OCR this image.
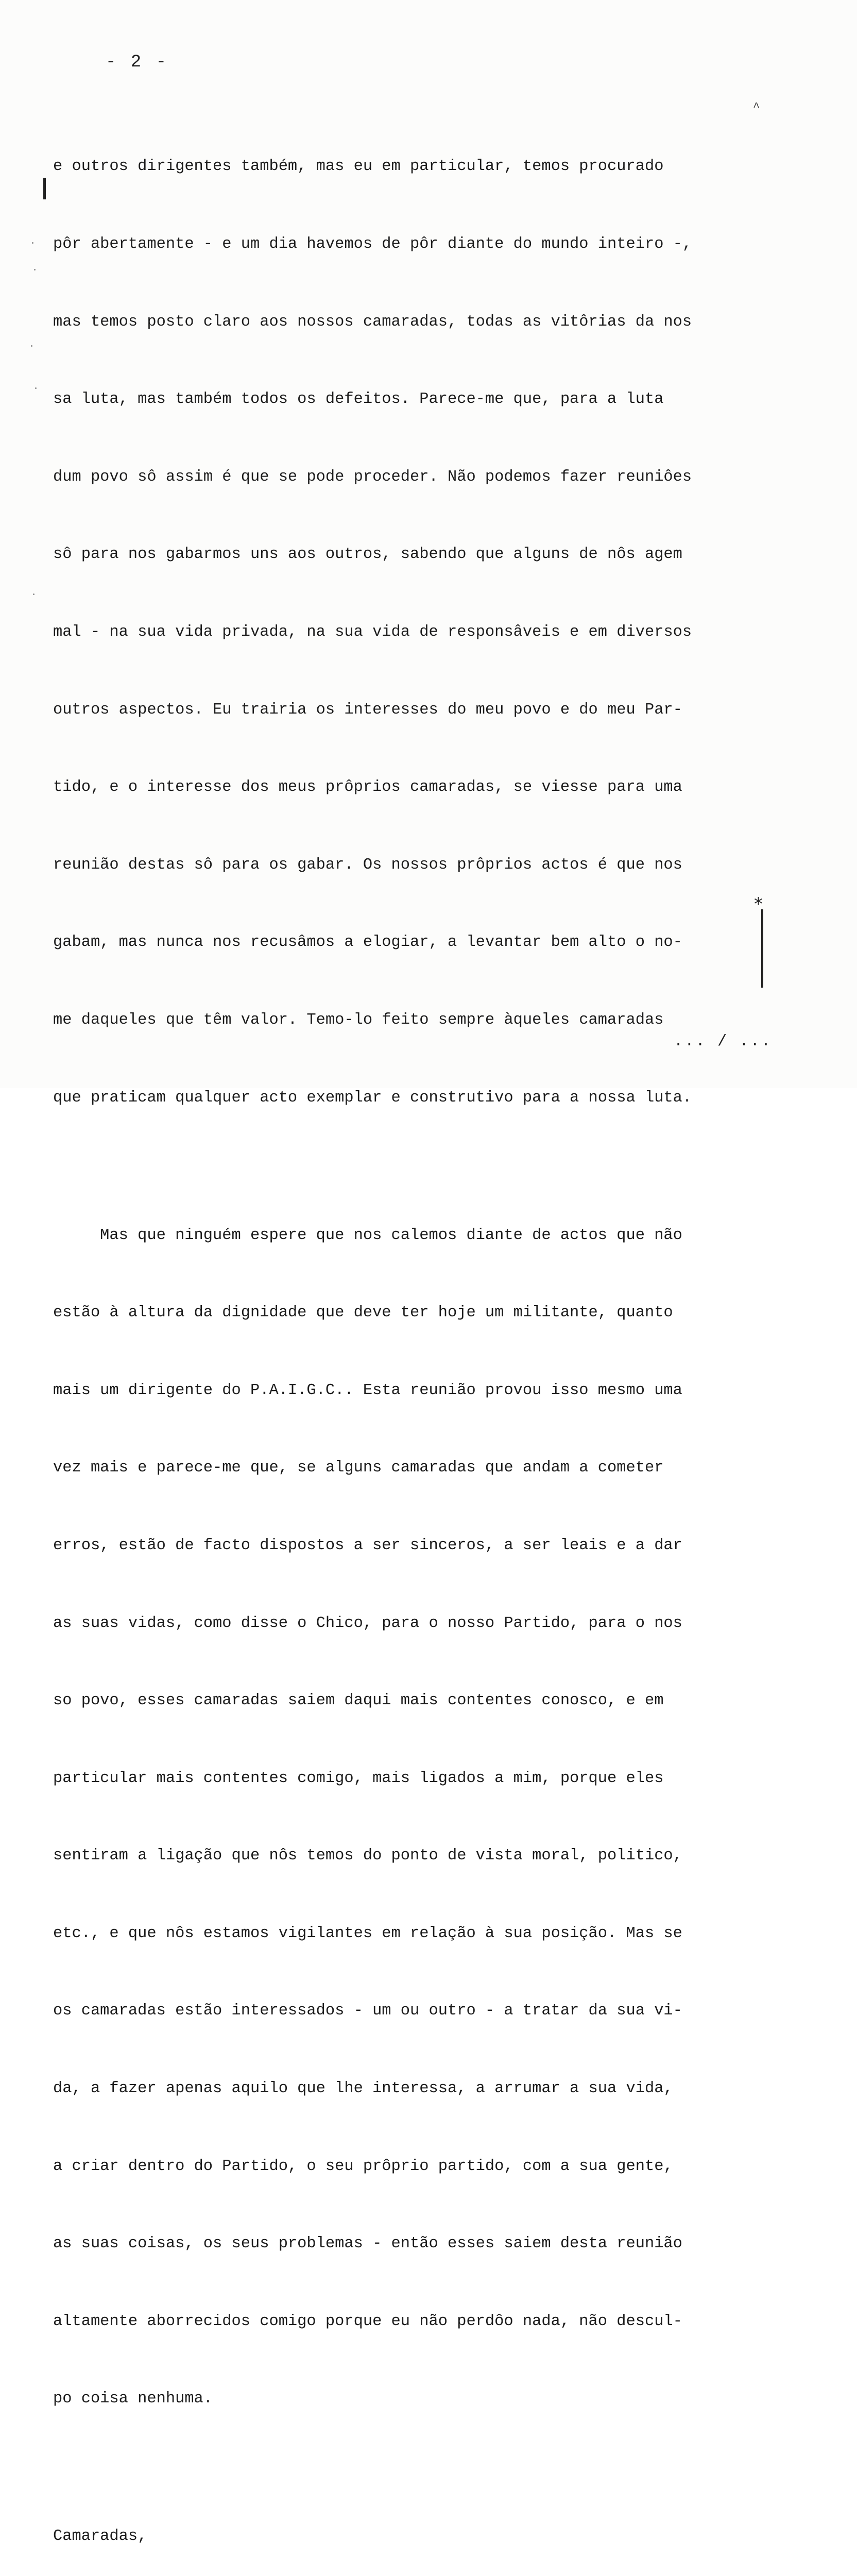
- 2 -
^
*

e outros dirigentes também, mas eu em particular, temos procurado

pôr abertamente - e um dia havemos de pôr diante do mundo inteiro -,

mas temos posto claro aos nossos camaradas, todas as vitôrias da nos

sa luta, mas também todos os defeitos. Parece-me que, para a luta

dum povo sô assim é que se pode proceder. Não podemos fazer reuniôes

sô para nos gabarmos uns aos outros, sabendo que alguns de nôs agem

mal - na sua vida privada, na sua vida de responsâveis e em diversos

outros aspectos. Eu trairia os interesses do meu povo e do meu Par-

tido, e o interesse dos meus prôprios camaradas, se viesse para uma

reunião destas sô para os gabar. Os nossos prôprios actos é que nos

gabam, mas nunca nos recusâmos a elogiar, a levantar bem alto o no-

me daqueles que têm valor. Temo-lo feito sempre àqueles camaradas

que praticam qualquer acto exemplar e construtivo para a nossa luta.

Mas que ninguém espere que nos calemos diante de actos que não

estão à altura da dignidade que deve ter hoje um militante, quanto

mais um dirigente do P.A.I.G.C.. Esta reunião provou isso mesmo uma

vez mais e parece-me que, se alguns camaradas que andam a cometer

erros, estão de facto dispostos a ser sinceros, a ser leais e a dar

as suas vidas, como disse o Chico, para o nosso Partido, para o nos

so povo, esses camaradas saiem daqui mais contentes conosco, e em

particular mais contentes comigo, mais ligados a mim, porque eles

sentiram a ligação que nôs temos do ponto de vista moral, politico,

etc., e que nôs estamos vigilantes em relação à sua posição. Mas se

os camaradas estão interessados - um ou outro - a tratar da sua vi-

da, a fazer apenas aquilo que lhe interessa, a arrumar a sua vida,

a criar dentro do Partido, o seu prôprio partido, com a sua gente,

as suas coisas, os seus problemas - então esses saiem desta reunião

altamente aborrecidos comigo porque eu não perdôo nada, não descul-

po coisa nenhuma.

Camaradas,

... / ...
